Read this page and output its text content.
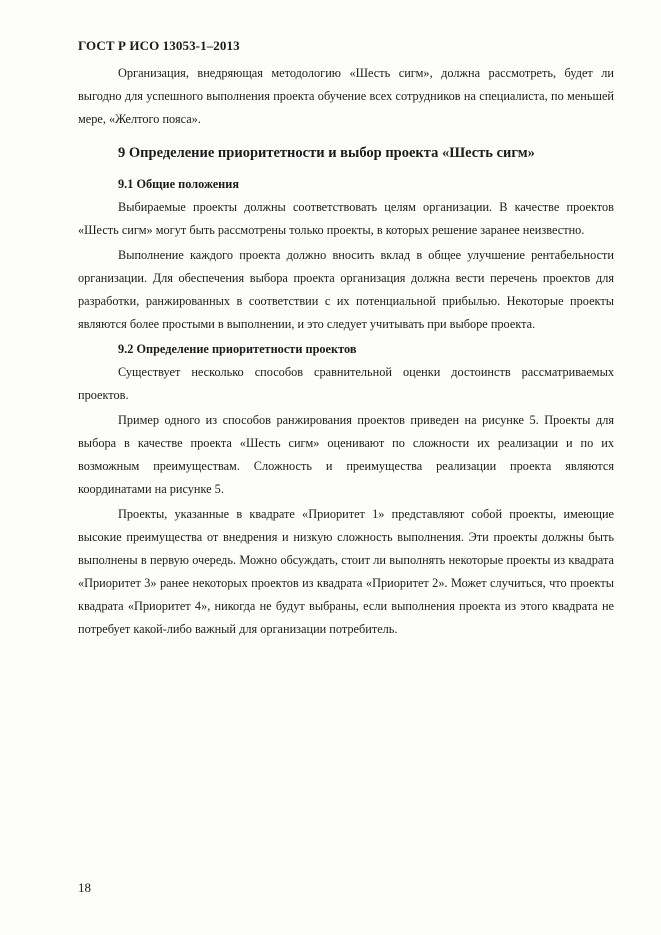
ГОСТ Р ИСО 13053-1–2013

Организация, внедряющая методологию «Шесть сигм», должна рассмотреть, будет ли выгодно для успешного выполнения проекта обучение всех сотрудников на специалиста, по меньшей мере, «Желтого пояса».

9 Определение приоритетности и выбор проекта «Шесть сигм»
9.1 Общие положения

Выбираемые проекты должны соответствовать целям организации. В качестве проектов «Шесть сигм» могут быть рассмотрены только проекты, в которых решение заранее неизвестно.

Выполнение каждого проекта должно вносить вклад в общее улучшение рентабельности организации. Для обеспечения выбора проекта организация должна вести перечень проектов для разработки, ранжированных в соответствии с их потенциальной прибылью. Некоторые проекты являются более простыми в выполнении, и это следует учитывать при выборе проекта.

9.2 Определение приоритетности проектов

Существует несколько способов сравнительной оценки достоинств рассматриваемых проектов.

Пример одного из способов ранжирования проектов приведен на рисунке 5. Проекты для выбора в качестве проекта «Шесть сигм» оценивают по сложности их реализации и по их возможным преимуществам. Сложность и преимущества реализации проекта являются координатами на рисунке 5.

Проекты, указанные в квадрате «Приоритет 1» представляют собой проекты, имеющие высокие преимущества от внедрения и низкую сложность выполнения. Эти проекты должны быть выполнены в первую очередь. Можно обсуждать, стоит ли выполнять некоторые проекты из квадрата «Приоритет 3» ранее некоторых проектов из квадрата «Приоритет 2». Может случиться, что проекты квадрата «Приоритет 4», никогда не будут выбраны, если выполнения проекта из этого квадрата не потребует какой-либо важный для организации потребитель.

18
